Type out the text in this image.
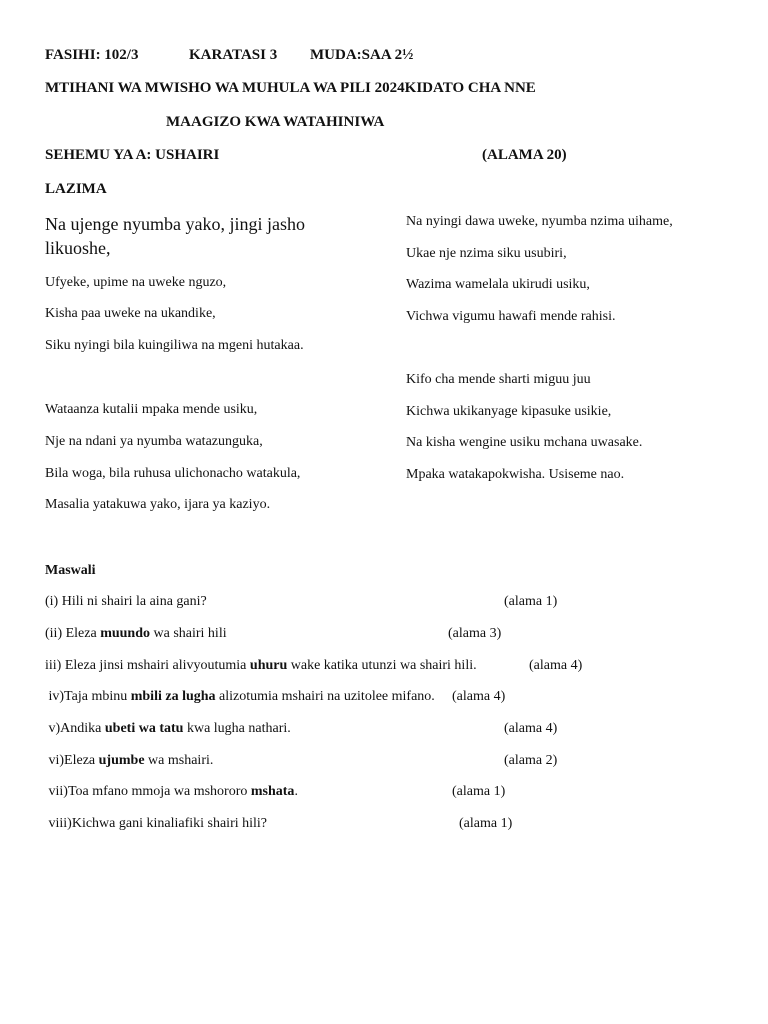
FASIHI: 102/3	KARATASI 3 MUDA:SAA 2½
MTIHANI WA MWISHO WA MUHULA WA PILI 2024KIDATO CHA NNE
MAAGIZO KWA WATAHINIWA
SEHEMU YA A: USHAIRI	(ALAMA 20)
LAZIMA
Na ujenge nyumba yako, jingi jasho likuoshe,
Ufyeke, upime na uweke nguzo,
Kisha paa uweke na ukandike,
Siku nyingi bila kuingiliwa na mgeni hutakaa.
Wataanza kutalii mpaka mende usiku,
Nje na ndani ya nyumba watazunguka,
Bila woga, bila ruhusa ulichonacho watakula,
Masalia yatakuwa yako, ijara ya kaziyo.
Na nyingi dawa uweke, nyumba nzima uihame,
Ukae nje nzima siku usubiri,
Wazima wamelala ukirudi usiku,
Vichwa vigumu hawafi mende rahisi.
Kifo cha mende sharti miguu juu
Kichwa ukikanyage kipasuke usikie,
Na kisha wengine usiku mchana uwasake.
Mpaka watakapokwisha. Usiseme nao.
Maswali
(i) Hili ni shairi la aina gani?	(alama 1)
(ii) Eleza muundo wa shairi hili	(alama 3)
iii) Eleza jinsi mshairi alivyoutumia uhuru wake katika utunzi wa shairi hili.	(alama 4)
iv)Taja mbinu mbili za lugha alizotumia mshairi na uzitolee mifano. (alama 4)
v)Andika ubeti wa tatu kwa lugha nathari.	(alama 4)
vi)Eleza ujumbe wa mshairi.	(alama 2)
vii)Toa mfano mmoja wa mshororo mshata.	(alama 1)
viii)Kichwa gani kinaliafiki shairi hili?	(alama 1)
